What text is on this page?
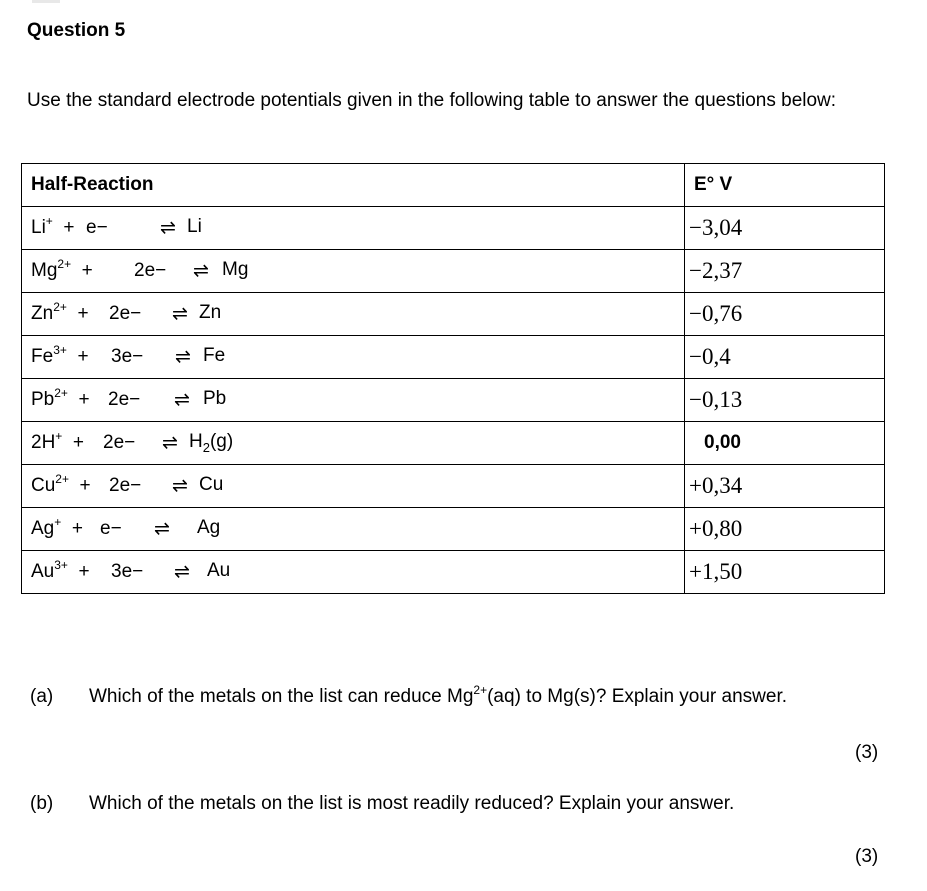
Question 5
Use the standard electrode potentials given in the following table to answer the questions below:
Half-Reaction	E° V

Li+ + e− ⇌ Li	−3,04

$Mg^{2+} + 2e-$ ⇌ Mg	−2,37

$Zn^{2+} + 2e-$ ⇌ Zn	−0,76

$Fe^{3+} + 3e-$ ⇌ Fe	−0,4

$Pb^{2+} + 2e-$ ⇌ Pb	−0,13

2H+ + 2e− ⇌ $H_2(g)$	0,00

$Cu^{2+} + 2e-$ ⇌ Cu	+0,34

Ag+ + e− ⇌ Ag	+0,80

$Au^{3+} + 3e-$ ⇌ Au	+1,50
(a) Which of the metals on the list can reduce $Mg^{2+}(aq)$ to Mg(s)? Explain your answer.
(3)
(b) Which of the metals on the list is most readily reduced? Explain your answer.
(3)
